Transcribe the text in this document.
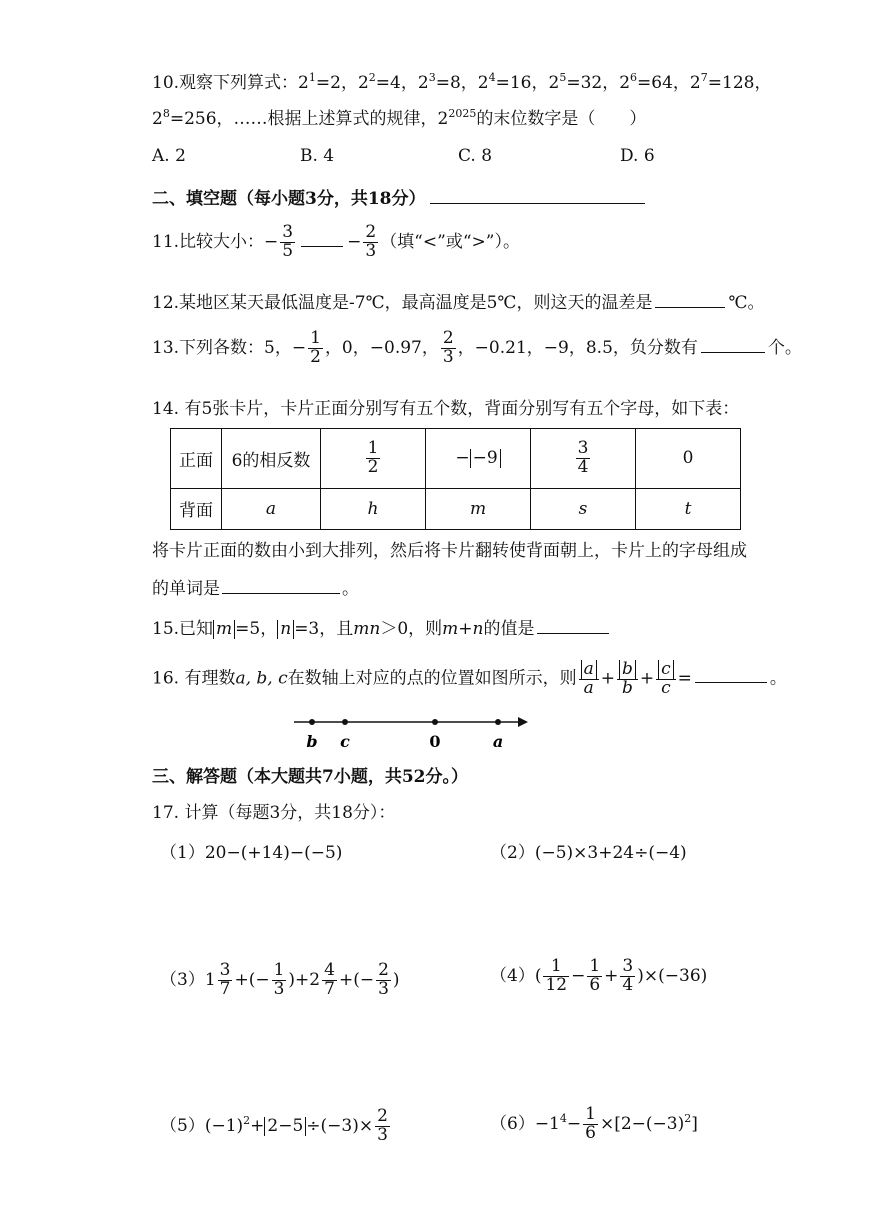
10.观察下列算式：$2^1=2$，$2^2=4$，$2^3=8$，$2^4=16$，$2^5=32$，$2^6=64$，$2^7=128$，
$2^8=256$，……根据上述算式的规律，$2^{2025}$的末位数字是（　　）
A. 2	B. 4	C. 8	D. 6
二、填空题（每小题3分，共18分）
11.比较大小：− $\frac{3}{5}$	− $\frac{2}{3}$ （填“<”或“>”）。
12.某地区某天最低温度是-7℃，最高温度是5℃，则这天的温差是	℃。
13.下列各数：5，− $\frac{1}{2}$ ，0，−0.97， $\frac{2}{3}$ ，−0.21，−9，8.5，负分数有	个。
14. 有5张卡片，卡片正面分别写有五个数，背面分别写有五个字母，如下表：
正面	6的相反数	$\frac{1}{2}$	− −9	$\frac{3}{4}$	0
背面	a	h	m	s	t
将卡片正面的数由小到大排列，然后将卡片翻转使背面朝上，卡片上的字母组成
的单词是	。
15.已知 m =5， n =3，且mn＞0，则m+n的值是
16. 有理数a, b, c在数轴上对应的点的位置如图所示，则 $\frac{a}{a} + \frac{b}{b} + \frac{c}{c}$ =	。
b c	0	a
三、解答题（本大题共7小题，共52分。）
17. 计算（每题3分，共18分）：
（1）20−(+14)−(−5)	（2）(−5)×3+24÷(−4)
$(3)1 \frac{3}{7}$ +(− $\frac{1}{3} )+2 \frac{4}{7}$ +(− $\frac{2}{3}$ )	$(4)( \frac{1}{12} - \frac{1}{6} + \frac{3}{4} )\times(-36)$
$(5)(-1)^2+ 2-5 \div(-3)\times \frac{2}{3}$	$(6)-1^4- \frac{1}{6} \times[2-(-3)^2]$
